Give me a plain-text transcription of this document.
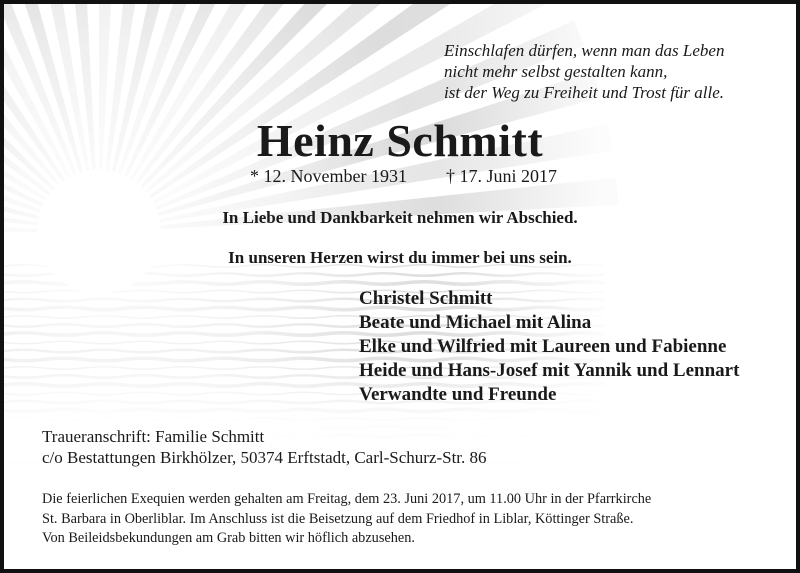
Einschlafen dürfen, wenn man das Leben
nicht mehr selbst gestalten kann,
ist der Weg zu Freiheit und Trost für alle.
Heinz Schmitt
* 12. November 1931 † 17. Juni 2017
In Liebe und Dankbarkeit nehmen wir Abschied.
In unseren Herzen wirst du immer bei uns sein.
Christel Schmitt
Beate und Michael mit Alina
Elke und Wilfried mit Laureen und Fabienne
Heide und Hans-Josef mit Yannik und Lennart
Verwandte und Freunde
Traueranschrift: Familie Schmitt
c/o Bestattungen Birkhölzer, 50374 Erftstadt, Carl-Schurz-Str. 86
Die feierlichen Exequien werden gehalten am Freitag, dem 23. Juni 2017, um 11.00 Uhr in der Pfarrkirche
St. Barbara in Oberliblar. Im Anschluss ist die Beisetzung auf dem Friedhof in Liblar, Köttinger Straße.
Von Beileidsbekundungen am Grab bitten wir höflich abzusehen.
